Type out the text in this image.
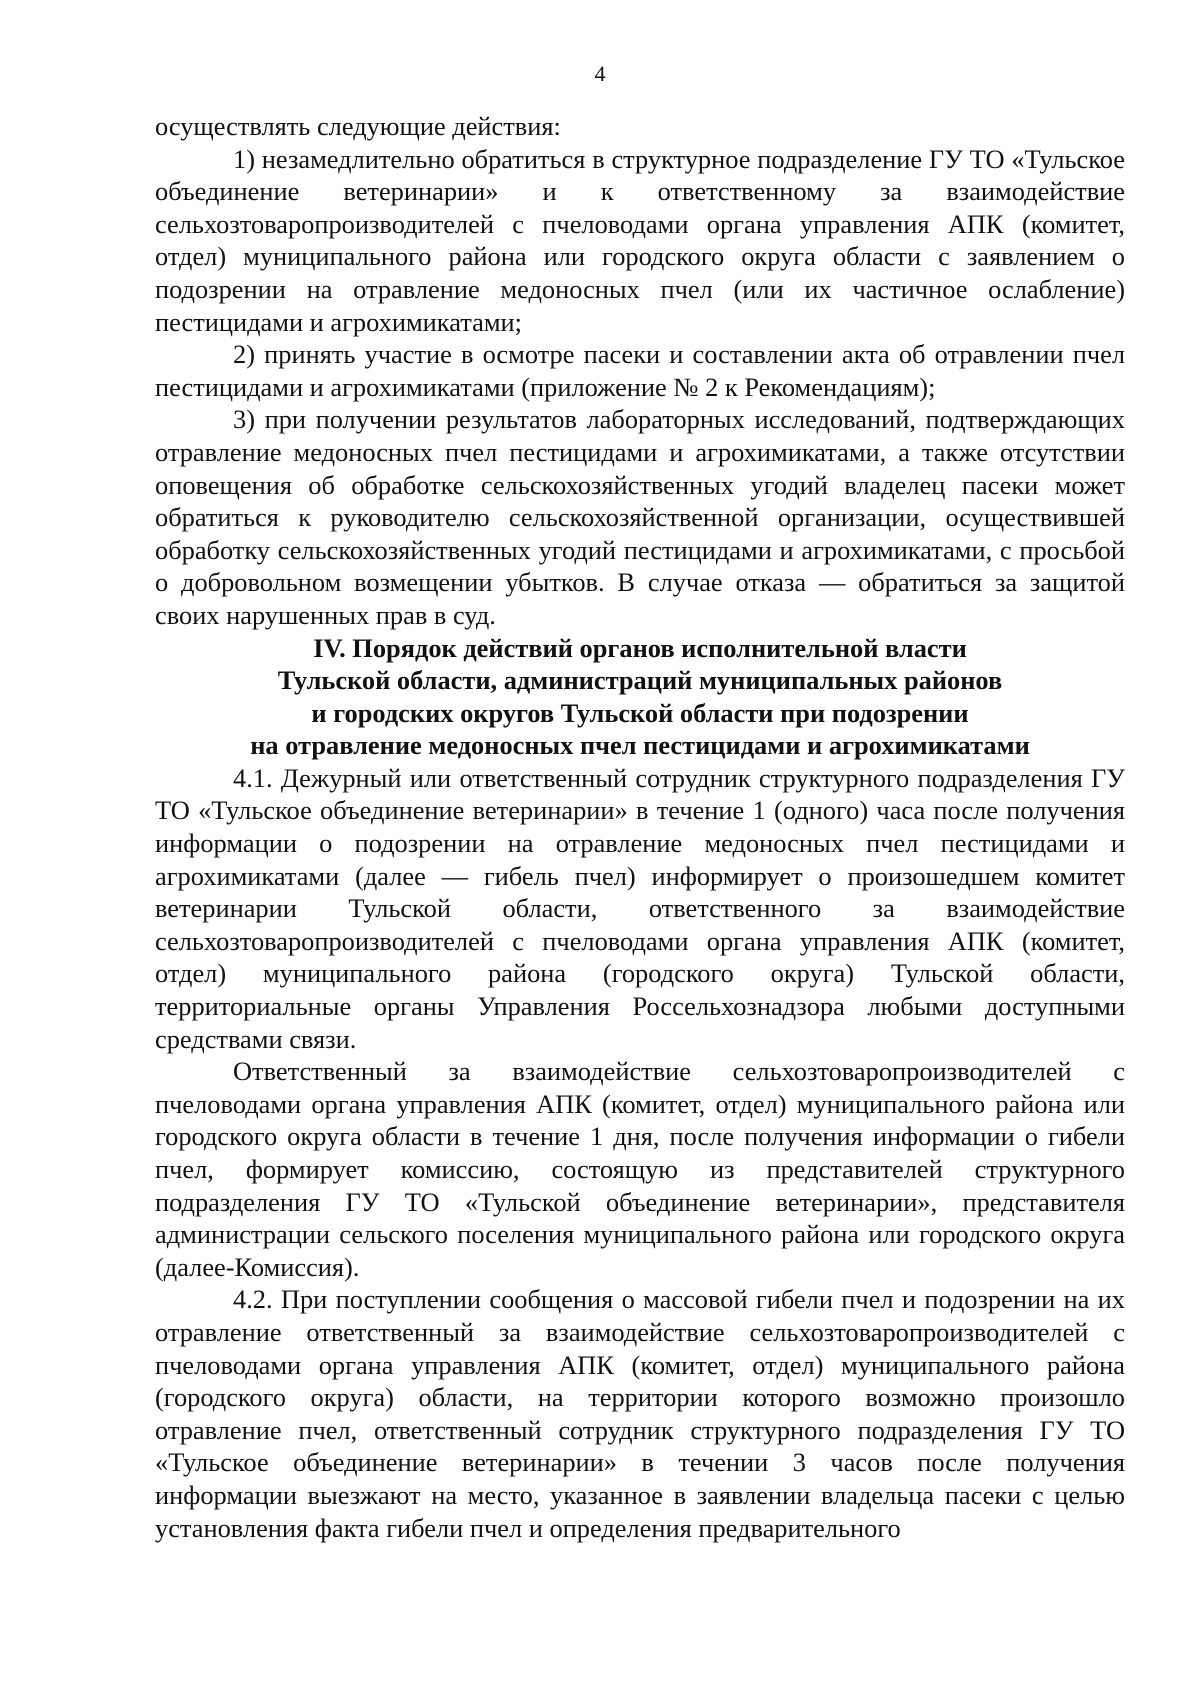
4

осуществлять следующие действия:

1) незамедлительно обратиться в структурное подразделение ГУ ТО «Тульское объединение ветеринарии» и к ответственному за взаимодействие сельхозтоваропроизводителей с пчеловодами органа управления АПК (комитет, отдел) муниципального района или городского округа области с заявлением о подозрении на отравление медоносных пчел (или их частичное ослабление) пестицидами и агрохимикатами;

2) принять участие в осмотре пасеки и составлении акта об отравлении пчел пестицидами и агрохимикатами (приложение № 2 к Рекомендациям);

3) при получении результатов лабораторных исследований, подтверждающих отравление медоносных пчел пестицидами и агрохимикатами, а также отсутствии оповещения об обработке сельскохозяйственных угодий владелец пасеки может обратиться к руководителю сельскохозяйственной организации, осуществившей обработку сельскохозяйственных угодий пестицидами и агрохимикатами, с просьбой о добровольном возмещении убытков. В случае отказа — обратиться за защитой своих нарушенных прав в суд.

IV. Порядок действий органов исполнительной власти
Тульской области, администраций муниципальных районов
и городских округов Тульской области при подозрении
на отравление медоносных пчел пестицидами и агрохимикатами

4.1. Дежурный или ответственный сотрудник структурного подразделения ГУ ТО «Тульское объединение ветеринарии» в течение 1 (одного) часа после получения информации о подозрении на отравление медоносных пчел пестицидами и агрохимикатами (далее — гибель пчел) информирует о произошедшем комитет ветеринарии Тульской области, ответственного за взаимодействие сельхозтоваропроизводителей с пчеловодами органа управления АПК (комитет, отдел) муниципального района (городского округа) Тульской области, территориальные органы Управления Россельхознадзора любыми доступными средствами связи.

Ответственный за взаимодействие сельхозтоваропроизводителей с пчеловодами органа управления АПК (комитет, отдел) муниципального района или городского округа области в течение 1 дня, после получения информации о гибели пчел, формирует комиссию, состоящую из представителей структурного подразделения ГУ ТО «Тульской объединение ветеринарии», представителя администрации сельского поселения муниципального района или городского округа (далее-Комиссия).

4.2. При поступлении сообщения о массовой гибели пчел и подозрении на их отравление ответственный за взаимодействие сельхозтоваропроизводителей с пчеловодами органа управления АПК (комитет, отдел) муниципального района (городского округа) области, на территории которого возможно произошло отравление пчел, ответственный сотрудник структурного подразделения ГУ ТО «Тульское объединение ветеринарии» в течении 3 часов после получения информации выезжают на место, указанное в заявлении владельца пасеки с целью установления факта гибели пчел и определения предварительного
